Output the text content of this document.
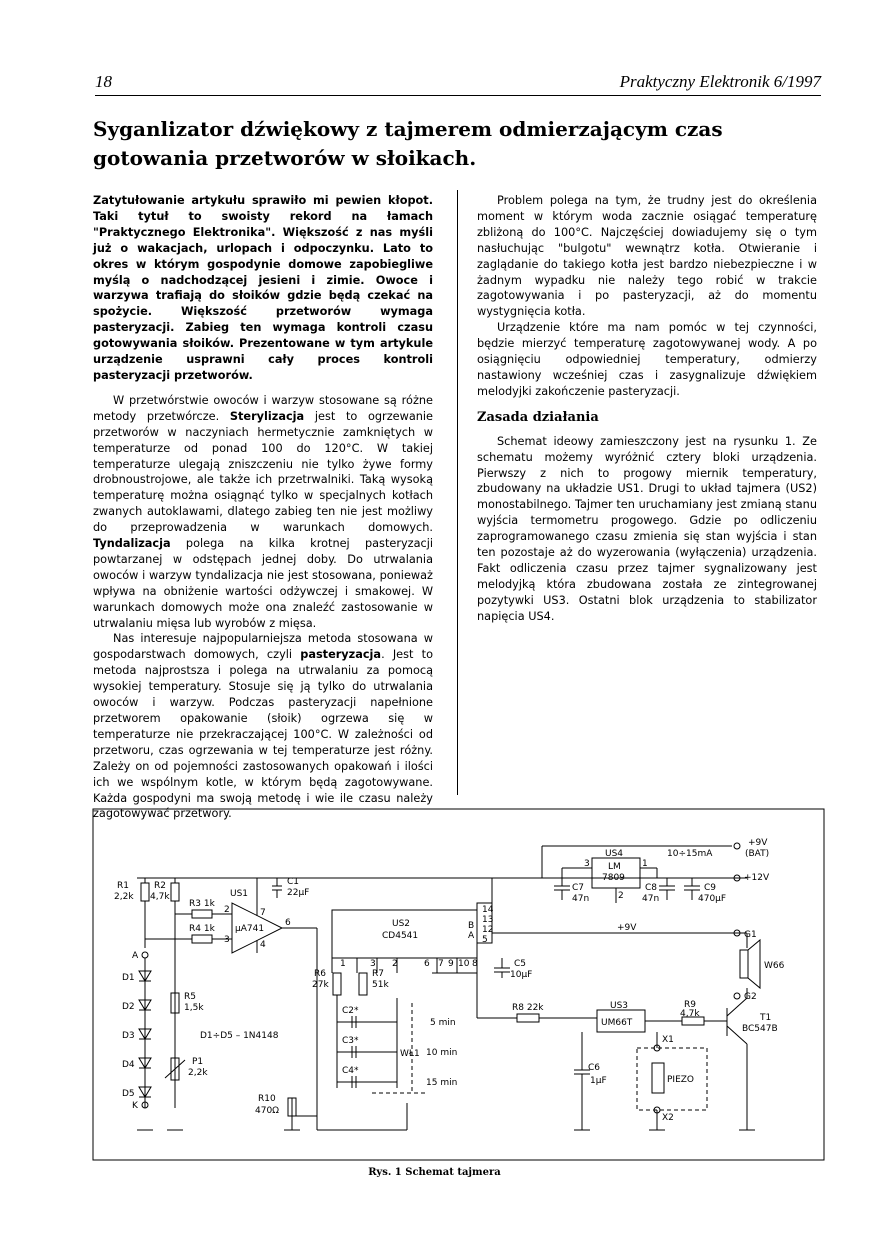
18	Praktyczny Elektronik 6/1997
Syganlizator dźwiękowy z tajmerem odmierzającym czas gotowania przetworów w słoikach.

Zatytułowanie artykułu sprawiło mi pewien kłopot. Taki tytuł to swoisty rekord na łamach "Praktycznego Elektronika". Większość z nas myśli już o wakacjach, urlopach i odpoczynku. Lato to okres w którym gospodynie domowe zapobiegliwe myślą o nadchodzącej jesieni i zimie. Owoce i warzywa trafiają do słoików gdzie będą czekać na spożycie. Większość przetworów wymaga pasteryzacji. Zabieg ten wymaga kontroli czasu gotowywania słoików. Prezentowane w tym artykule urządzenie usprawni cały proces kontroli pasteryzacji przetworów.

W przetwórstwie owoców i warzyw stosowane są różne metody przetwórcze. Sterylizacja jest to ogrzewanie przetworów w naczyniach hermetycznie zamkniętych w temperaturze od ponad 100 do 120°C. W takiej temperaturze ulegają zniszczeniu nie tylko żywe formy drobnoustrojowe, ale także ich przetrwalniki. Taką wysoką temperaturę można osiągnąć tylko w specjalnych kotłach zwanych autoklawami, dlatego zabieg ten nie jest możliwy do przeprowadzenia w warunkach domowych. Tyndalizacja polega na kilka krotnej pasteryzacji powtarzanej w odstępach jednej doby. Do utrwalania owoców i warzyw tyndalizacja nie jest stosowana, ponieważ wpływa na obniżenie wartości odżywczej i smakowej. W warunkach domowych może ona znaleźć zastosowanie w utrwalaniu mięsa lub wyrobów z mięsa.

Nas interesuje najpopularniejsza metoda stosowana w gospodarstwach domowych, czyli pasteryzacja. Jest to metoda najprostsza i polega na utrwalaniu za pomocą wysokiej temperatury. Stosuje się ją tylko do utrwalania owoców i warzyw. Podczas pasteryzacji napełnione przetworem opakowanie (słoik) ogrzewa się w temperaturze nie przekraczającej 100°C. W zależności od przetworu, czas ogrzewania w tej temperaturze jest różny. Zależy on od pojemności zastosowanych opakowań i ilości ich we wspólnym kotle, w którym będą zagotowywane. Każda gospodyni ma swoją metodę i wie ile czasu należy zagotowywać przetwory.

Problem polega na tym, że trudny jest do określenia moment w którym woda zacznie osiągać temperaturę zbliżoną do 100°C. Najczęściej dowiadujemy się o tym nasłuchując "bulgotu" wewnątrz kotła. Otwieranie i zaglądanie do takiego kotła jest bardzo niebezpieczne i w żadnym wypadku nie należy tego robić w trakcie zagotowywania i po pasteryzacji, aż do momentu wystygnięcia kotła.

Urządzenie które ma nam pomóc w tej czynności, będzie mierzyć temperaturę zagotowywanej wody. A po osiągnięciu odpowiedniej temperatury, odmierzy nastawiony wcześniej czas i zasygnalizuje dźwiękiem melodyjki zakończenie pasteryzacji.

Zasada działania

Schemat ideowy zamieszczony jest na rysunku 1. Ze schematu możemy wyróżnić cztery bloki urządzenia. Pierwszy z nich to progowy miernik temperatury, zbudowany na układzie US1. Drugi to układ tajmera (US2) monostabilnego. Tajmer ten uruchamiany jest zmianą stanu wyjścia termometru progowego. Gdzie po odliczeniu zaprogramowanego czasu zmienia się stan wyjścia i stan ten pozostaje aż do wyzerowania (wyłączenia) urządzenia. Fakt odliczenia czasu przez tajmer sygnalizowany jest melodyjką która zbudowana została ze zintegrowanej pozytywki US3. Ostatni blok urządzenia to stabilizator napięcia US4.

R1
2,2k
R2
4,7k
R3 1k
R4 1k
US1
µA741
2
3	4
6
7
C1
22µF
A
D1
D2
D3
D4
D5
K
R5
1,5k
D1÷D5 – 1N4148
P1
2,2k
R10
470Ω
US2
CD4541
14
13
12
5
B
A
1	3 2	6 7 9 10 8
R6
27k
R7
51k
C2*
C3*
C4*
WŁ1
5 min
10 min
15 min
US4
LM
7809
10÷15mA
+9V
(BAT)
+12V
+9V
C7
47n
C8
47n
C9
470µF
3	1
2
G1
W66
G2
C5
10µF
R8 22k	US3
UM66T
R9
4,7k	T1
BC547B
X1
X2
C6
1µF	PIEZO
Rys. 1 Schemat tajmera
